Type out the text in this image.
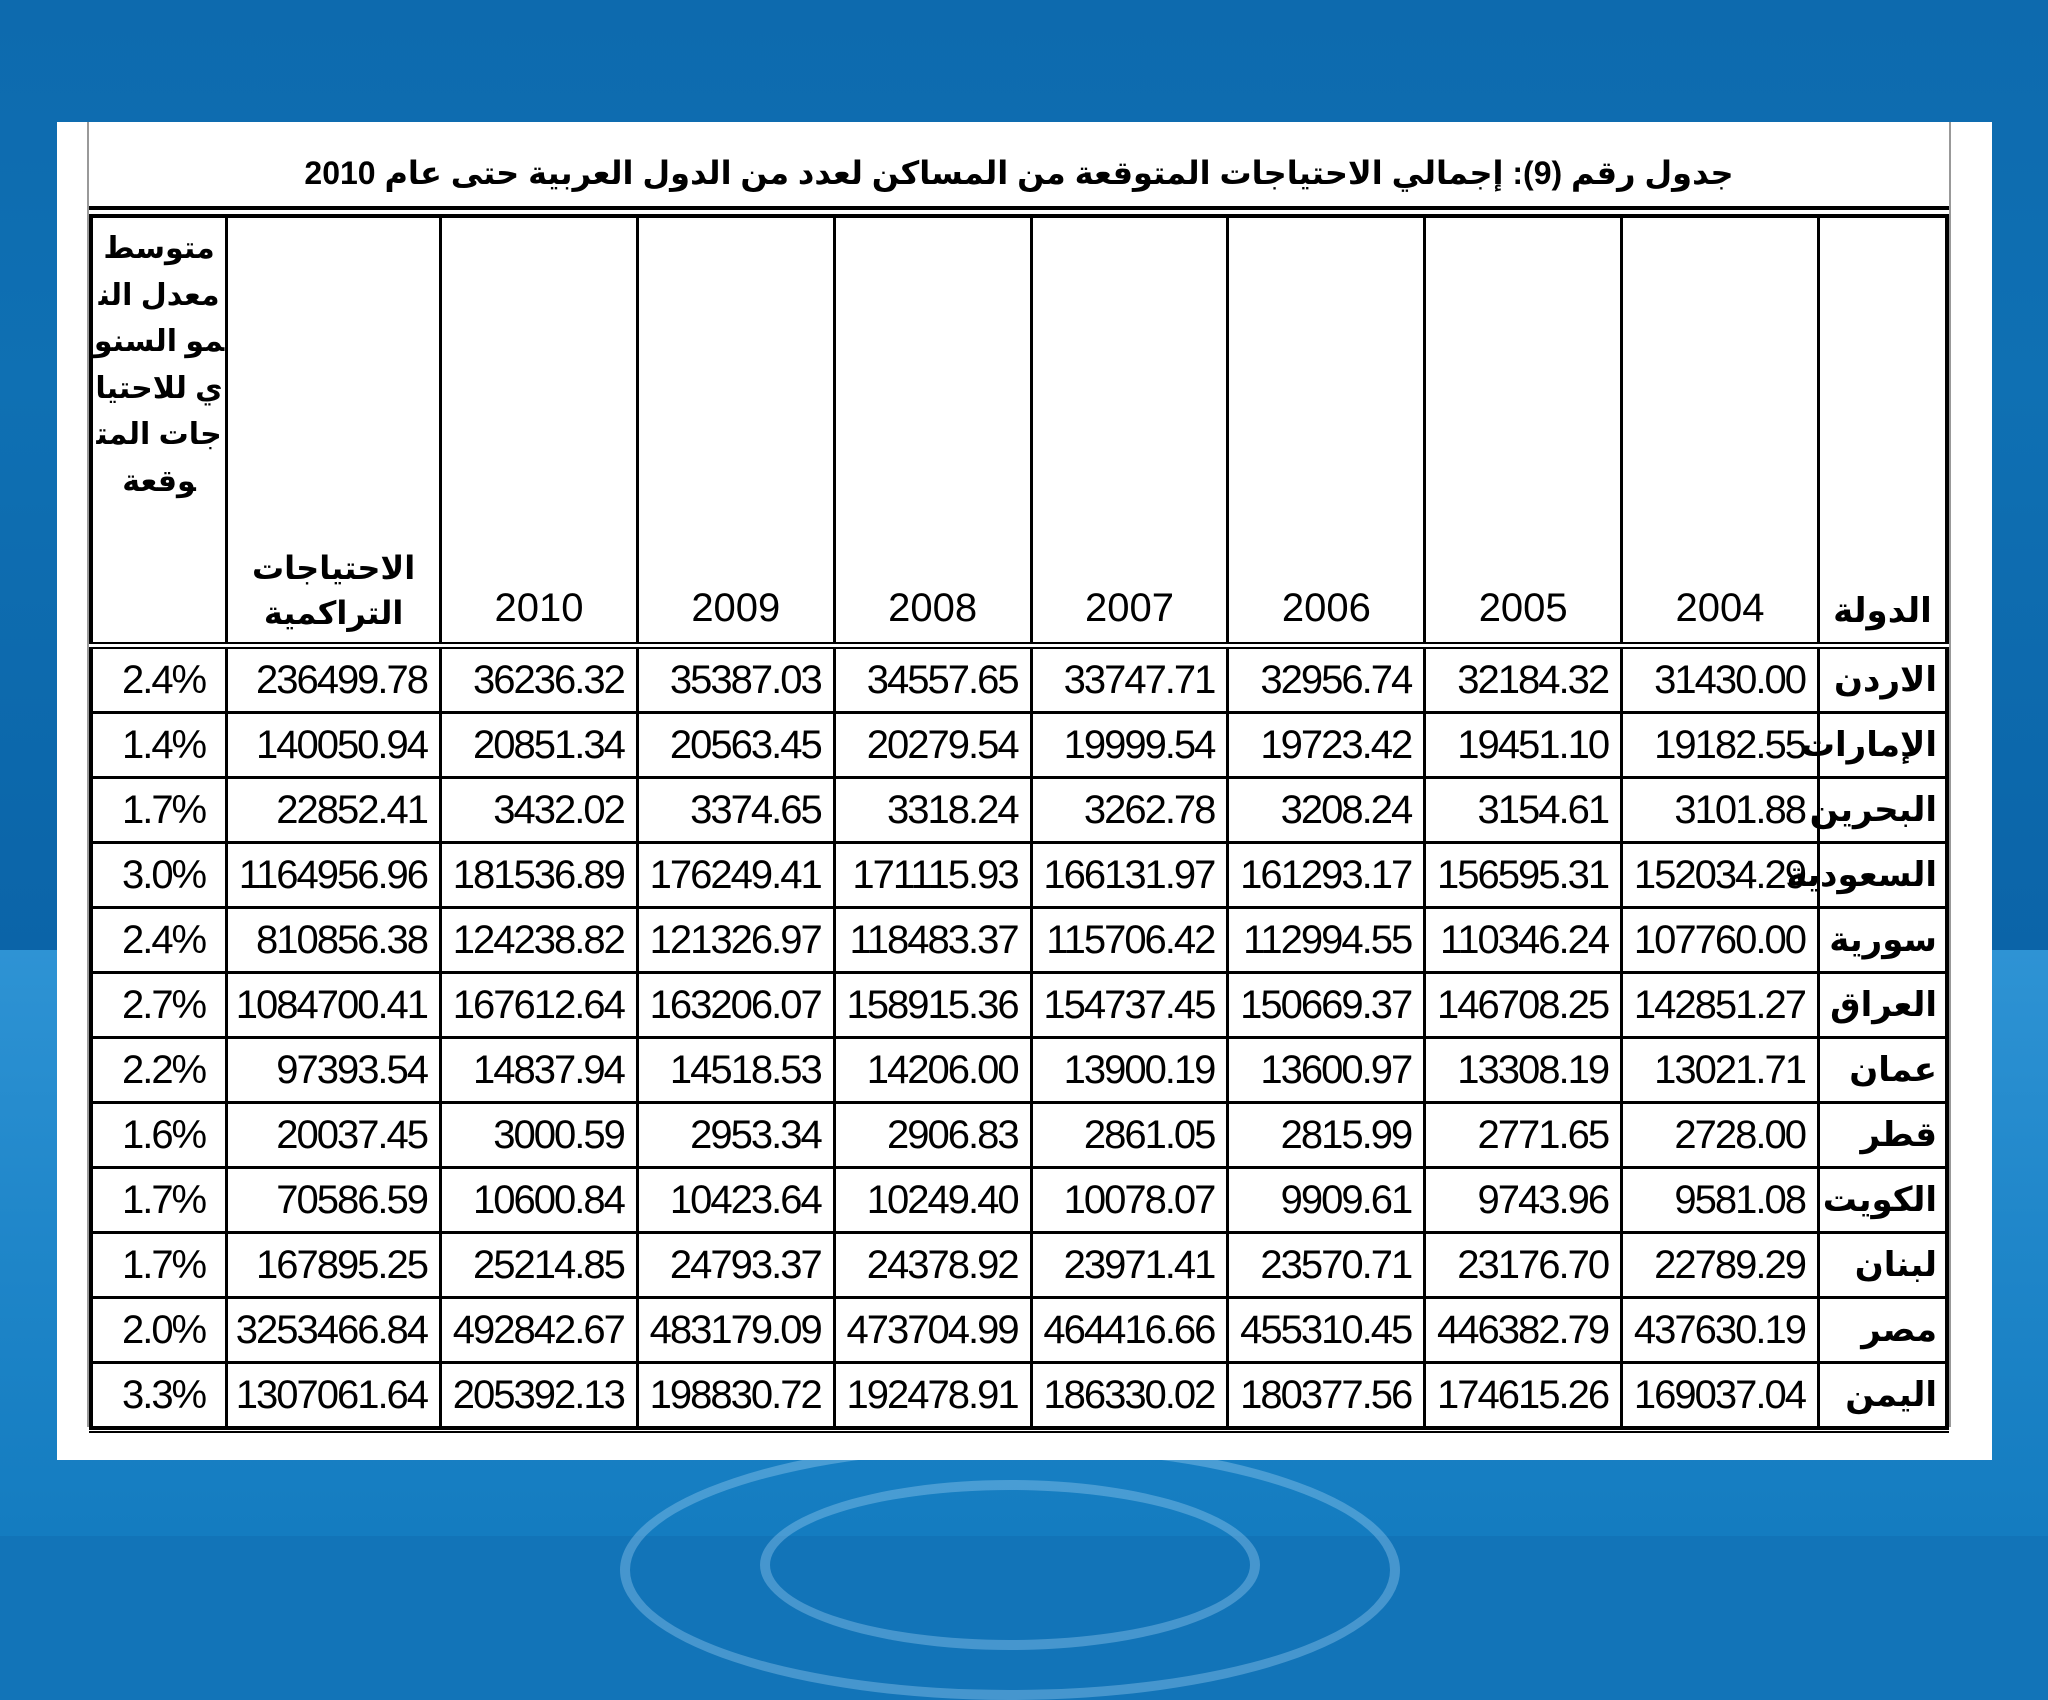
جدول رقم (9): إجمالي الاحتياجات المتوقعة من المساكن لعدد من الدول العربية حتى عام 2010
الدولة	2004	2005	2006	2007	2008	2009	2010	الاحتياجات التراكمية	متوسط معدل النمو السنوي للاحتياجات المتوقعة
الاردن	31430.00	32184.32	32956.74	33747.71	34557.65	35387.03	36236.32	236499.78	2.4%
الإمارات	19182.55	19451.10	19723.42	19999.54	20279.54	20563.45	20851.34	140050.94	1.4%
البحرين	3101.88	3154.61	3208.24	3262.78	3318.24	3374.65	3432.02	22852.41	1.7%
السعودية	152034.29	156595.31	161293.17	166131.97	171115.93	176249.41	181536.89	1164956.96	3.0%
سورية	107760.00	110346.24	112994.55	115706.42	118483.37	121326.97	124238.82	810856.38	2.4%
العراق	142851.27	146708.25	150669.37	154737.45	158915.36	163206.07	167612.64	1084700.41	2.7%
عمان	13021.71	13308.19	13600.97	13900.19	14206.00	14518.53	14837.94	97393.54	2.2%
قطر	2728.00	2771.65	2815.99	2861.05	2906.83	2953.34	3000.59	20037.45	1.6%
الكويت	9581.08	9743.96	9909.61	10078.07	10249.40	10423.64	10600.84	70586.59	1.7%
لبنان	22789.29	23176.70	23570.71	23971.41	24378.92	24793.37	25214.85	167895.25	1.7%
مصر	437630.19	446382.79	455310.45	464416.66	473704.99	483179.09	492842.67	3253466.84	2.0%
اليمن	169037.04	174615.26	180377.56	186330.02	192478.91	198830.72	205392.13	1307061.64	3.3%
